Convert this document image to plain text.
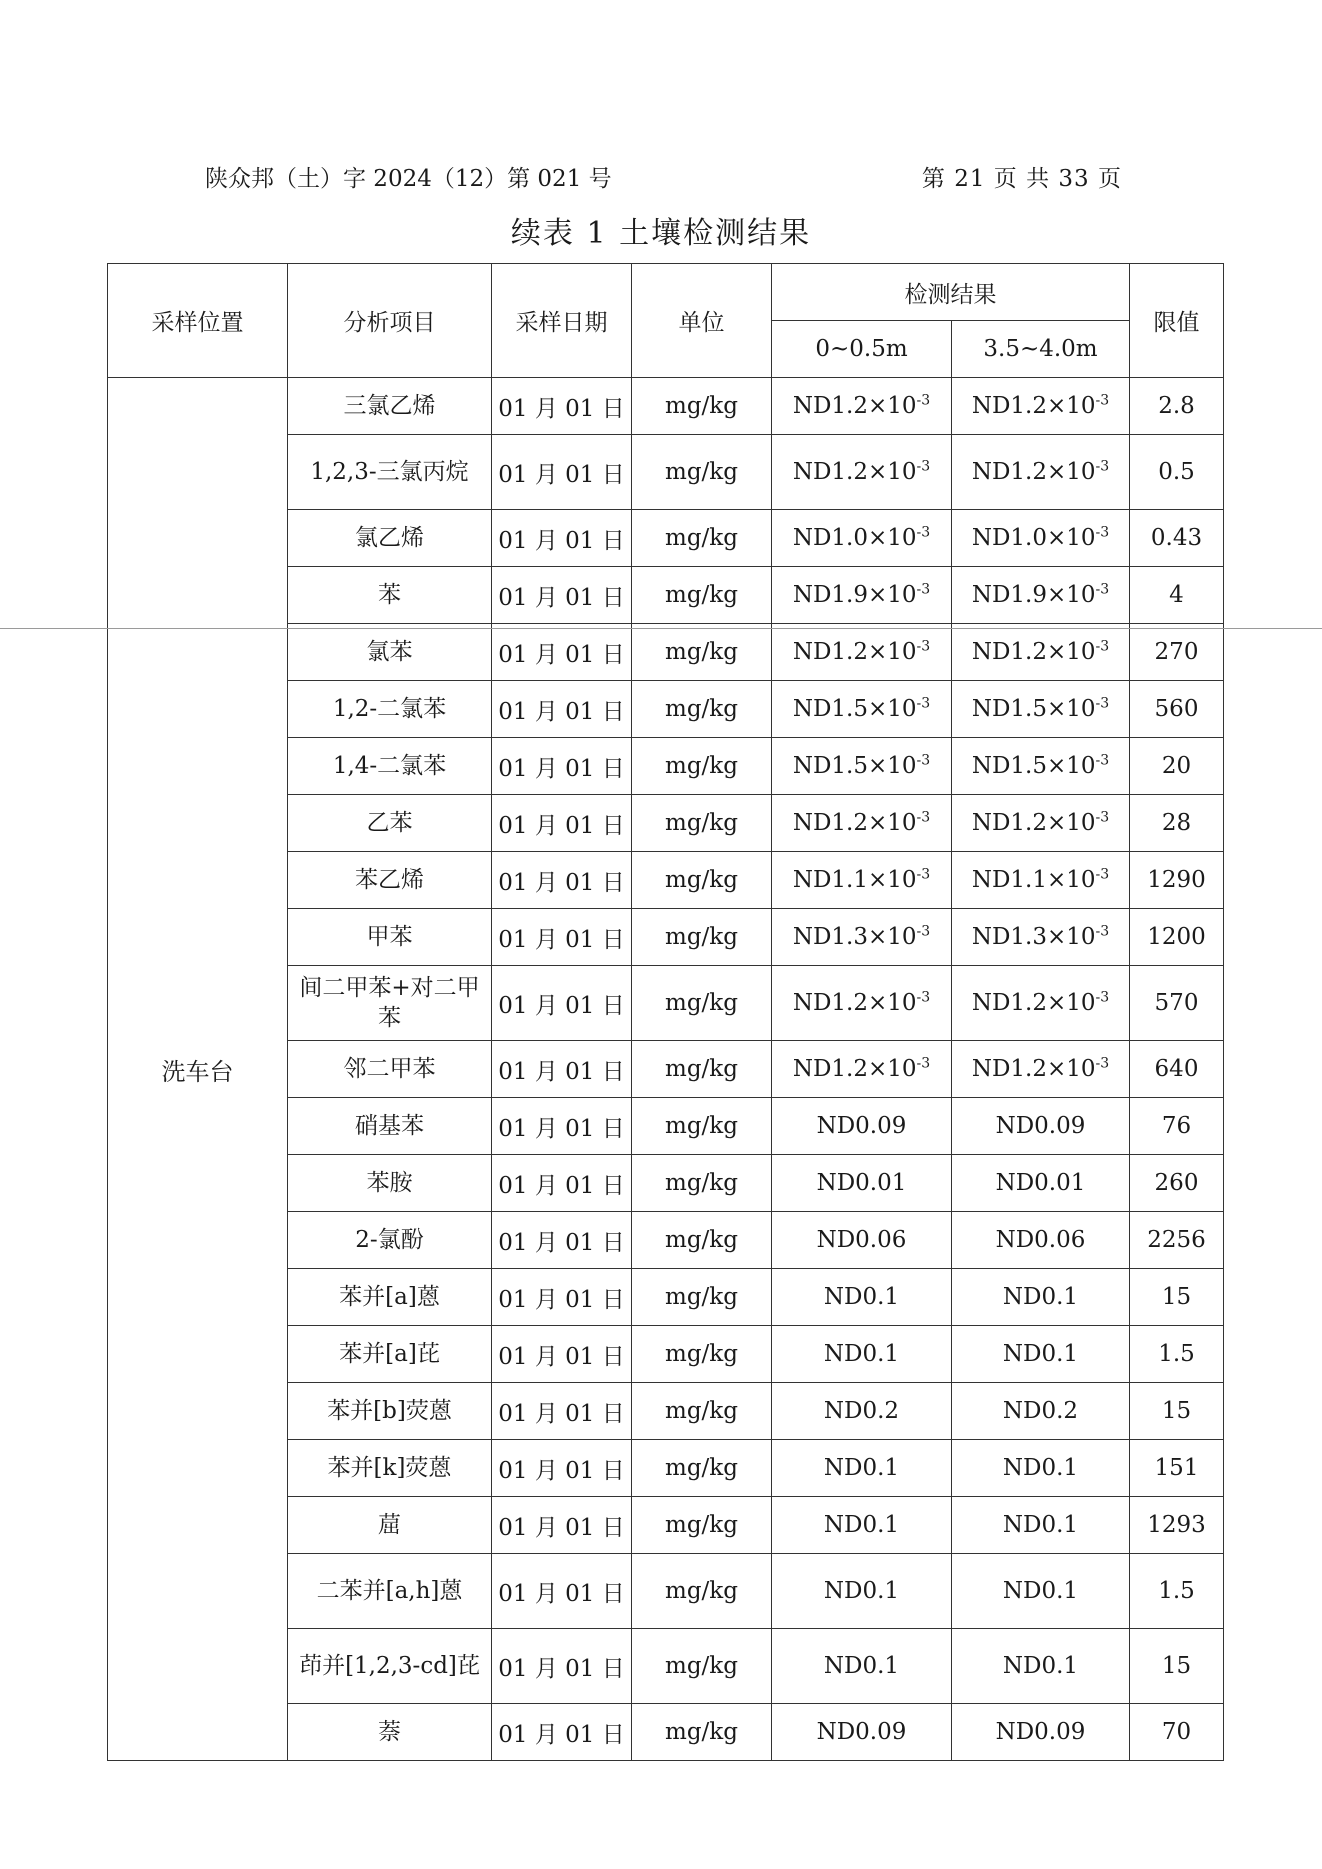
陕众邦（土）字 2024（12）第 021 号	第 21 页 共 33 页
续表 1 土壤检测结果
采样位置	分析项目	采样日期	单位	检测结果		限值
				0~0.5m	3.5~4.0m	
洗车台	三氯乙烯	01 月 01 日	mg/kg	$ND1.2\times 10^{-3}$	$ND1.2\times 10^{-3}$	2.8
	1,2,3-三氯丙烷	01 月 01 日	mg/kg	$ND1.2\times 10^{-3}$	$ND1.2\times 10^{-3}$	0.5
	氯乙烯	01 月 01 日	mg/kg	$ND1.0\times 10^{-3}$	$ND1.0\times 10^{-3}$	0.43
	苯	01 月 01 日	mg/kg	$ND1.9\times 10^{-3}$	$ND1.9\times 10^{-3}$	4
	氯苯	01 月 01 日	mg/kg	$ND1.2\times 10^{-3}$	$ND1.2\times 10^{-3}$	270
	1,2-二氯苯	01 月 01 日	mg/kg	$ND1.5\times 10^{-3}$	$ND1.5\times 10^{-3}$	560
	1,4-二氯苯	01 月 01 日	mg/kg	$ND1.5\times 10^{-3}$	$ND1.5\times 10^{-3}$	20
	乙苯	01 月 01 日	mg/kg	$ND1.2\times 10^{-3}$	$ND1.2\times 10^{-3}$	28
	苯乙烯	01 月 01 日	mg/kg	$ND1.1\times 10^{-3}$	$ND1.1\times 10^{-3}$	1290
	甲苯	01 月 01 日	mg/kg	$ND1.3\times 10^{-3}$	$ND1.3\times 10^{-3}$	1200
	间二甲苯+对二甲苯	01 月 01 日	mg/kg	$ND1.2\times 10^{-3}$	$ND1.2\times 10^{-3}$	570
	邻二甲苯	01 月 01 日	mg/kg	$ND1.2\times 10^{-3}$	$ND1.2\times 10^{-3}$	640
	硝基苯	01 月 01 日	mg/kg	ND0.09	ND0.09	76
	苯胺	01 月 01 日	mg/kg	ND0.01	ND0.01	260
	2-氯酚	01 月 01 日	mg/kg	ND0.06	ND0.06	2256
	苯并[a]蒽	01 月 01 日	mg/kg	ND0.1	ND0.1	15
	苯并[a]芘	01 月 01 日	mg/kg	ND0.1	ND0.1	1.5
	苯并[b]荧蒽	01 月 01 日	mg/kg	ND0.2	ND0.2	15
	苯并[k]荧蒽	01 月 01 日	mg/kg	ND0.1	ND0.1	151
	䓛	01 月 01 日	mg/kg	ND0.1	ND0.1	1293
	二苯并[a,h]蒽	01 月 01 日	mg/kg	ND0.1	ND0.1	1.5
	茚并[1,2,3-cd]芘	01 月 01 日	mg/kg	ND0.1	ND0.1	15
	萘	01 月 01 日	mg/kg	ND0.09	ND0.09	70
